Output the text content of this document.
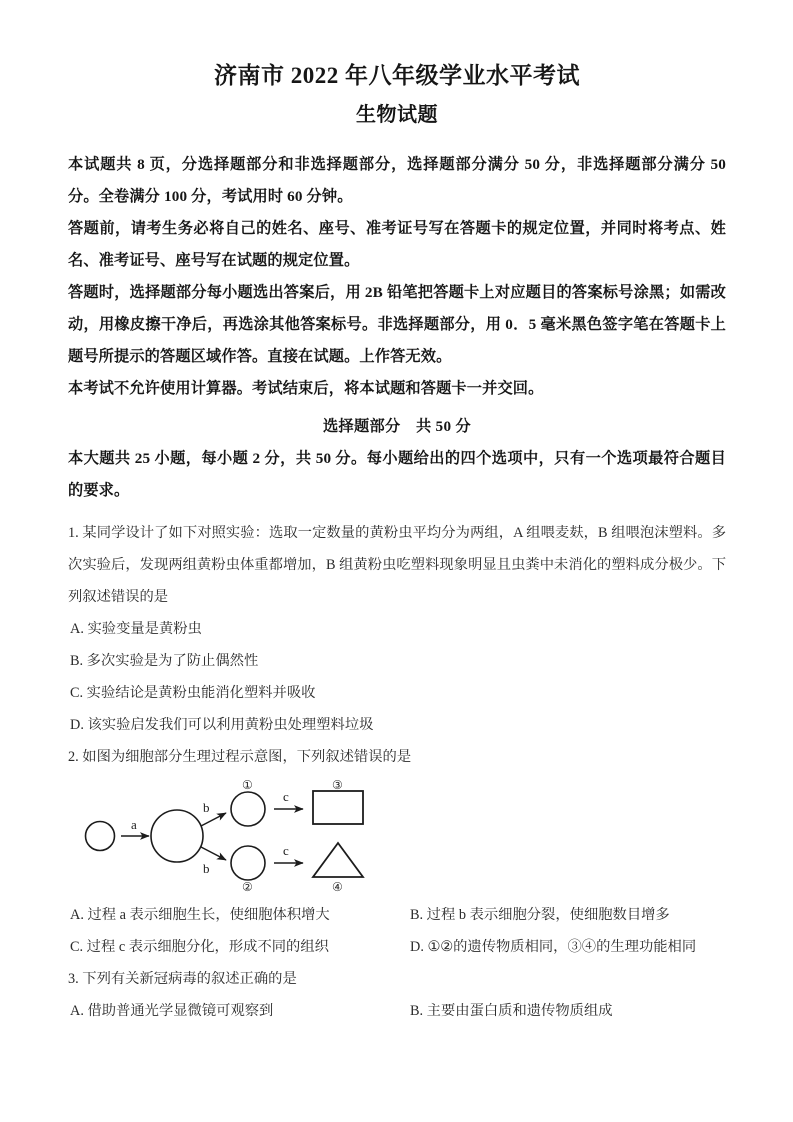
济南市 2022 年八年级学业水平考试
生物试题

本试题共 8 页，分选择题部分和非选择题部分，选择题部分满分 50 分，非选择题部分满分 50 分。全卷满分 100 分，考试用时 60 分钟。

答题前，请考生务必将自己的姓名、座号、准考证号写在答题卡的规定位置，并同时将考点、姓名、准考证号、座号写在试题的规定位置。

答题时，选择题部分每小题选出答案后，用 2B 铅笔把答题卡上对应题目的答案标号涂黑；如需改动，用橡皮擦干净后，再选涂其他答案标号。非选择题部分，用 0．5 毫米黑色签字笔在答题卡上题号所提示的答题区域作答。直接在试题。上作答无效。

本考试不允许使用计算器。考试结束后，将本试题和答题卡一并交回。

选择题部分　共 50 分

本大题共 25 小题，每小题 2 分，共 50 分。每小题给出的四个选项中，只有一个选项最符合题目的要求。

1. 某同学设计了如下对照实验：选取一定数量的黄粉虫平均分为两组，A 组喂麦麸，B 组喂泡沫塑料。多次实验后，发现两组黄粉虫体重都增加，B 组黄粉虫吃塑料现象明显且虫粪中未消化的塑料成分极少。下列叙述错误的是

A. 实验变量是黄粉虫

B. 多次实验是为了防止偶然性

C. 实验结论是黄粉虫能消化塑料并吸收

D. 该实验启发我们可以利用黄粉虫处理塑料垃圾

2. 如图为细胞部分生理过程示意图，下列叙述错误的是

a
b
b
c
c
①
②
③
④
A. 过程 a 表示细胞生长，使细胞体积增大	B. 过程 b 表示细胞分裂，使细胞数目增多
C. 过程 c 表示细胞分化，形成不同的组织	D. ①②的遗传物质相同，③④的生理功能相同

3. 下列有关新冠病毒的叙述正确的是

A. 借助普通光学显微镜可观察到	B. 主要由蛋白质和遗传物质组成
